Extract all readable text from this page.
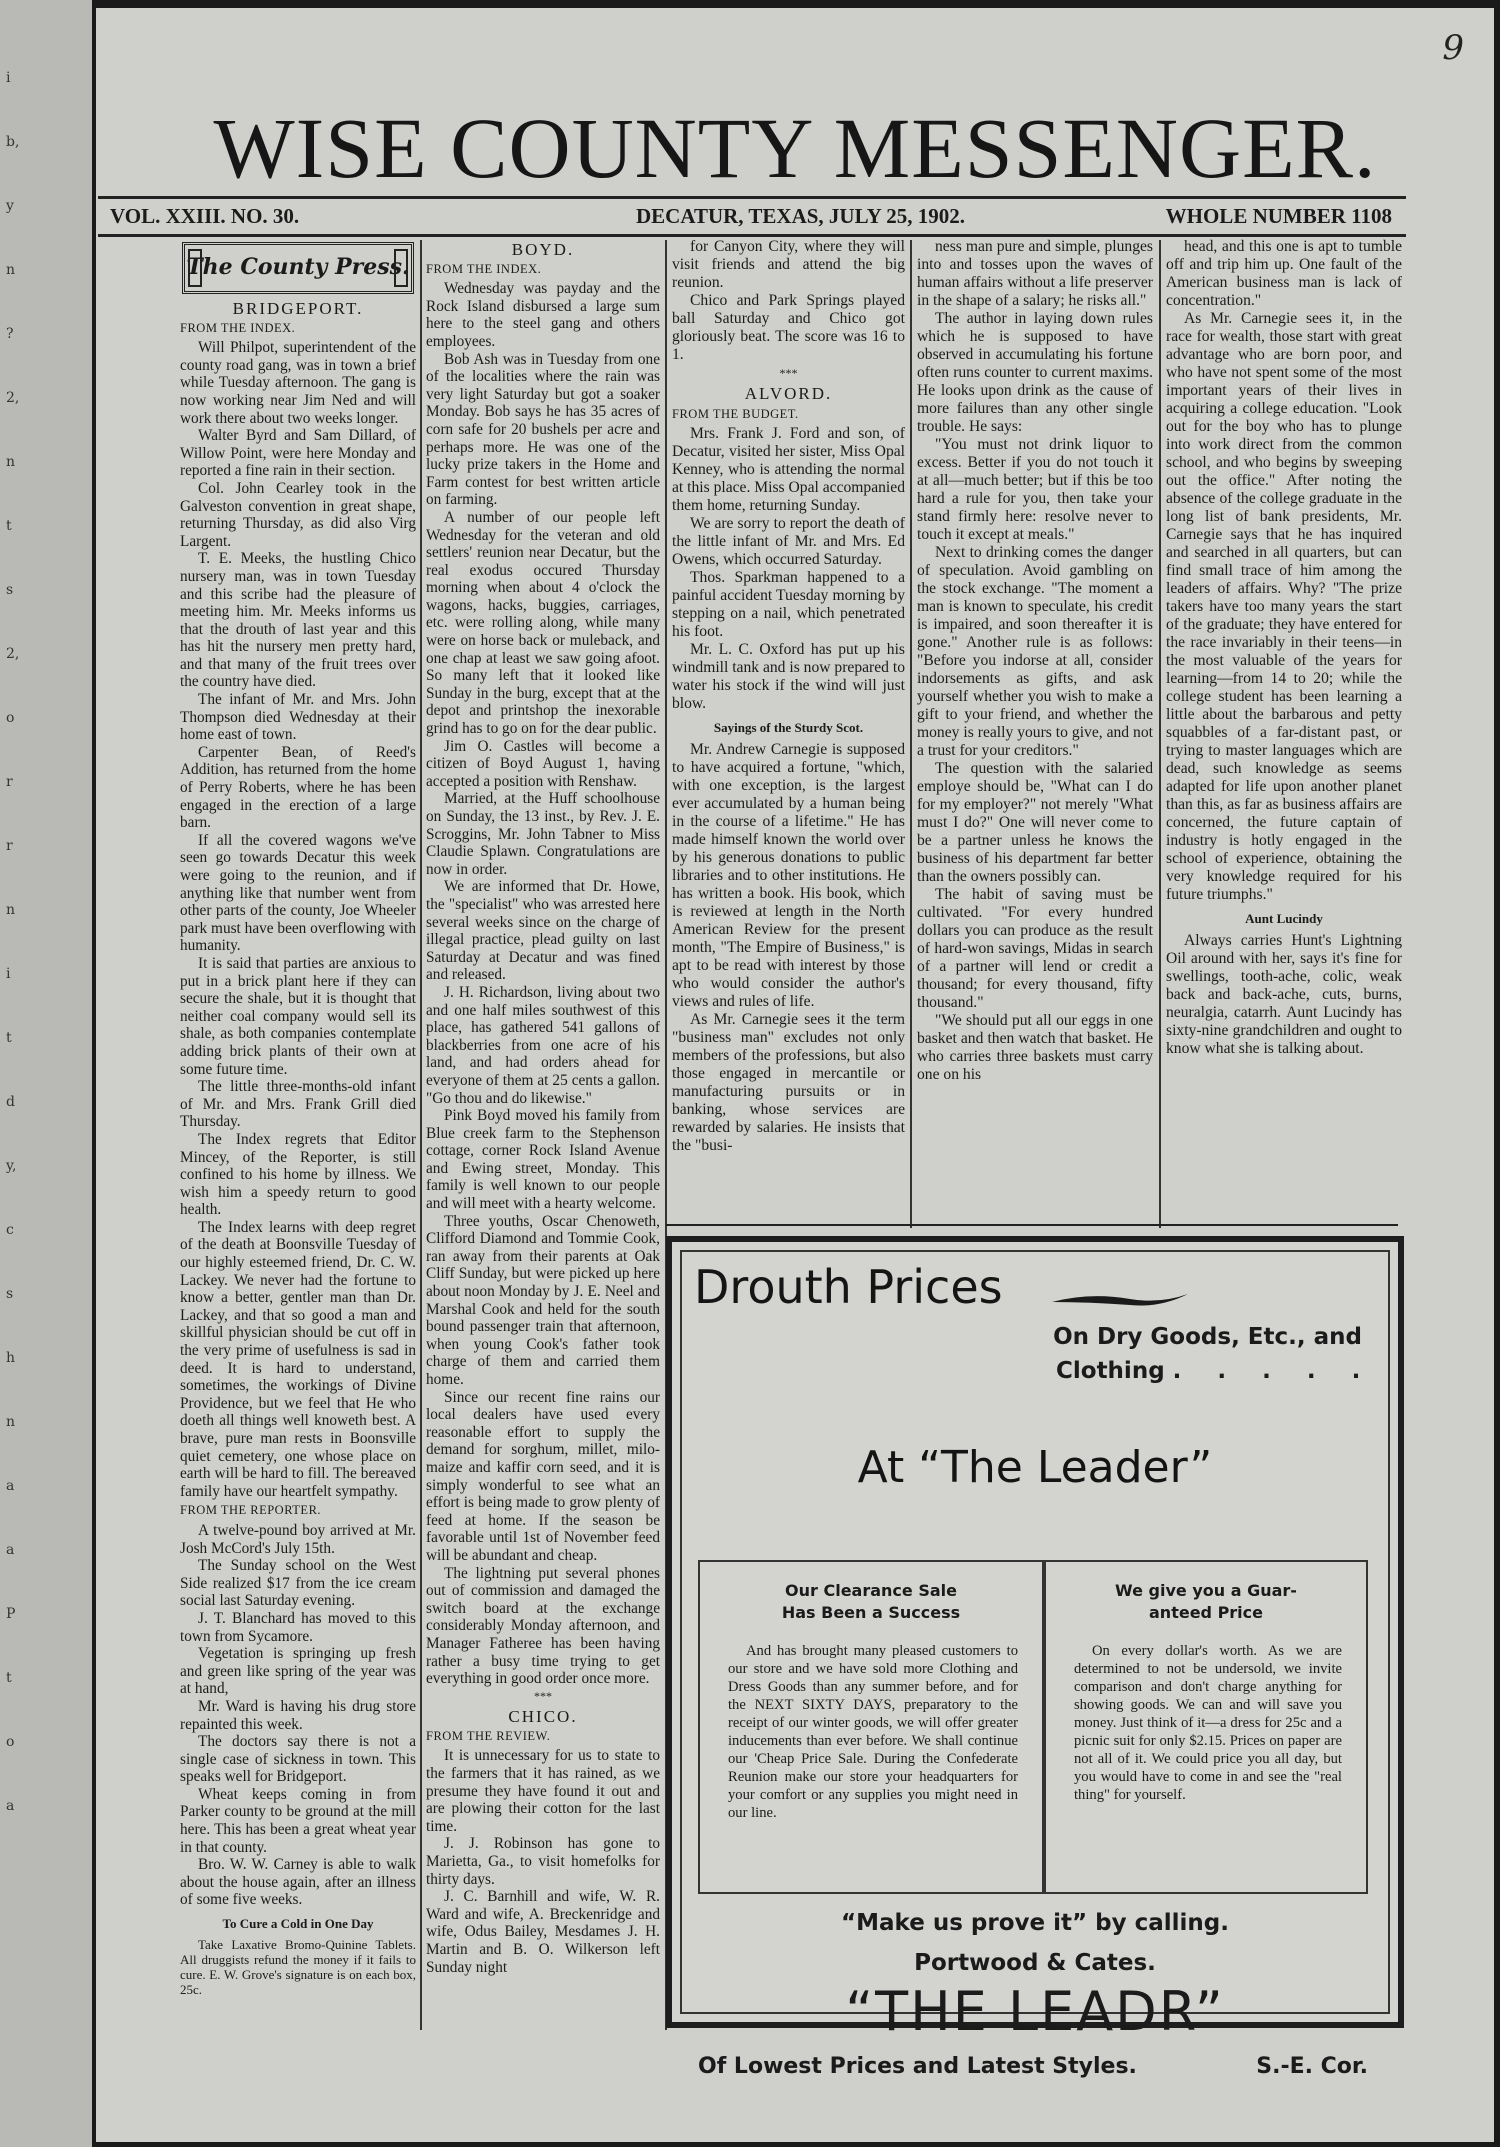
i
b,
y
n
?
2,
n
t
s
2,
o
r
r
n
i
t
d
y,
c
s
h
n
a
a
P
t
o
a
9
WISE COUNTY MESSENGER.
VOL. XXIII. NO. 30.	DECATUR, TEXAS, JULY 25, 1902.	WHOLE NUMBER 1108
The County Press.

BRIDGEPORT.

FROM THE INDEX.

Will Philpot, superintendent of the county road gang, was in town a brief while Tuesday afternoon. The gang is now working near Jim Ned and will work there about two weeks longer.

Walter Byrd and Sam Dillard, of Willow Point, were here Monday and reported a fine rain in their section.

Col. John Cearley took in the Galveston convention in great shape, returning Thursday, as did also Virg Largent.

T. E. Meeks, the hustling Chico nursery man, was in town Tuesday and this scribe had the pleasure of meeting him. Mr. Meeks informs us that the drouth of last year and this has hit the nursery men pretty hard, and that many of the fruit trees over the country have died.

The infant of Mr. and Mrs. John Thompson died Wednesday at their home east of town.

Carpenter Bean, of Reed's Addition, has returned from the home of Perry Roberts, where he has been engaged in the erection of a large barn.

If all the covered wagons we've seen go towards Decatur this week were going to the reunion, and if anything like that number went from other parts of the county, Joe Wheeler park must have been overflowing with humanity.

It is said that parties are anxious to put in a brick plant here if they can secure the shale, but it is thought that neither coal company would sell its shale, as both companies contemplate adding brick plants of their own at some future time.

The little three-months-old infant of Mr. and Mrs. Frank Grill died Thursday.

The Index regrets that Editor Mincey, of the Reporter, is still confined to his home by illness. We wish him a speedy return to good health.

The Index learns with deep regret of the death at Boonsville Tuesday of our highly esteemed friend, Dr. C. W. Lackey. We never had the fortune to know a better, gentler man than Dr. Lackey, and that so good a man and skillful physician should be cut off in the very prime of usefulness is sad in deed. It is hard to understand, sometimes, the workings of Divine Providence, but we feel that He who doeth all things well knoweth best. A brave, pure man rests in Boonsville quiet cemetery, one whose place on earth will be hard to fill. The bereaved family have our heartfelt sympathy.

FROM THE REPORTER.

A twelve-pound boy arrived at Mr. Josh McCord's July 15th.

The Sunday school on the West Side realized $17 from the ice cream social last Saturday evening.

J. T. Blanchard has moved to this town from Sycamore.

Vegetation is springing up fresh and green like spring of the year was at hand,

Mr. Ward is having his drug store repainted this week.

The doctors say there is not a single case of sickness in town. This speaks well for Bridgeport.

Wheat keeps coming in from Parker county to be ground at the mill here. This has been a great wheat year in that county.

Bro. W. W. Carney is able to walk about the house again, after an illness of some five weeks.

To Cure a Cold in One Day

Take Laxative Bromo-Quinine Tablets. All druggists refund the money if it fails to cure. E. W. Grove's signature is on each box, 25c.

BOYD.

FROM THE INDEX.

Wednesday was payday and the Rock Island disbursed a large sum here to the steel gang and others employees.

Bob Ash was in Tuesday from one of the localities where the rain was very light Saturday but got a soaker Monday. Bob says he has 35 acres of corn safe for 20 bushels per acre and perhaps more. He was one of the lucky prize takers in the Home and Farm contest for best written article on farming.

A number of our people left Wednesday for the veteran and old settlers' reunion near Decatur, but the real exodus occured Thursday morning when about 4 o'clock the wagons, hacks, buggies, carriages, etc. were rolling along, while many were on horse back or muleback, and one chap at least we saw going afoot. So many left that it looked like Sunday in the burg, except that at the depot and printshop the inexorable grind has to go on for the dear public.

Jim O. Castles will become a citizen of Boyd August 1, having accepted a position with Renshaw.

Married, at the Huff schoolhouse on Sunday, the 13 inst., by Rev. J. E. Scroggins, Mr. John Tabner to Miss Claudie Splawn. Congratulations are now in order.

We are informed that Dr. Howe, the "specialist" who was arrested here several weeks since on the charge of illegal practice, plead guilty on last Saturday at Decatur and was fined and released.

J. H. Richardson, living about two and one half miles southwest of this place, has gathered 541 gallons of blackberries from one acre of his land, and had orders ahead for everyone of them at 25 cents a gallon. "Go thou and do likewise."

Pink Boyd moved his family from Blue creek farm to the Stephenson cottage, corner Rock Island Avenue and Ewing street, Monday. This family is well known to our people and will meet with a hearty welcome.

Three youths, Oscar Chenoweth, Clifford Diamond and Tommie Cook, ran away from their parents at Oak Cliff Sunday, but were picked up here about noon Monday by J. E. Neel and Marshal Cook and held for the south bound passenger train that afternoon, when young Cook's father took charge of them and carried them home.

Since our recent fine rains our local dealers have used every reasonable effort to supply the demand for sorghum, millet, milo-maize and kaffir corn seed, and it is simply wonderful to see what an effort is being made to grow plenty of feed at home. If the season be favorable until 1st of November feed will be abundant and cheap.

The lightning put several phones out of commission and damaged the switch board at the exchange considerably Monday afternoon, and Manager Fatheree has been having rather a busy time trying to get everything in good order once more.

***

CHICO.

FROM THE REVIEW.

It is unnecessary for us to state to the farmers that it has rained, as we presume they have found it out and are plowing their cotton for the last time.

J. J. Robinson has gone to Marietta, Ga., to visit homefolks for thirty days.

J. C. Barnhill and wife, W. R. Ward and wife, A. Breckenridge and wife, Odus Bailey, Mesdames J. H. Martin and B. O. Wilkerson left Sunday night

for Canyon City, where they will visit friends and attend the big reunion.

Chico and Park Springs played ball Saturday and Chico got gloriously beat. The score was 16 to 1.

***

ALVORD.

FROM THE BUDGET.

Mrs. Frank J. Ford and son, of Decatur, visited her sister, Miss Opal Kenney, who is attending the normal at this place. Miss Opal accompanied them home, returning Sunday.

We are sorry to report the death of the little infant of Mr. and Mrs. Ed Owens, which occurred Saturday.

Thos. Sparkman happened to a painful accident Tuesday morning by stepping on a nail, which penetrated his foot.

Mr. L. C. Oxford has put up his windmill tank and is now prepared to water his stock if the wind will just blow.

Sayings of the Sturdy Scot.

Mr. Andrew Carnegie is supposed to have acquired a fortune, "which, with one exception, is the largest ever accumulated by a human being in the course of a lifetime." He has made himself known the world over by his generous donations to public libraries and to other institutions. He has written a book. His book, which is reviewed at length in the North American Review for the present month, "The Empire of Business," is apt to be read with interest by those who would consider the author's views and rules of life.

As Mr. Carnegie sees it the term "business man" excludes not only members of the professions, but also those engaged in mercantile or manufacturing pursuits or in banking, whose services are rewarded by salaries. He insists that the "busi-

ness man pure and simple, plunges into and tosses upon the waves of human affairs without a life preserver in the shape of a salary; he risks all."

The author in laying down rules which he is supposed to have observed in accumulating his fortune often runs counter to current maxims. He looks upon drink as the cause of more failures than any other single trouble. He says:

"You must not drink liquor to excess. Better if you do not touch it at all—much better; but if this be too hard a rule for you, then take your stand firmly here: resolve never to touch it except at meals."

Next to drinking comes the danger of speculation. Avoid gambling on the stock exchange. "The moment a man is known to speculate, his credit is impaired, and soon thereafter it is gone." Another rule is as follows: "Before you indorse at all, consider indorsements as gifts, and ask yourself whether you wish to make a gift to your friend, and whether the money is really yours to give, and not a trust for your creditors."

The question with the salaried employe should be, "What can I do for my employer?" not merely "What must I do?" One will never come to be a partner unless he knows the business of his department far better than the owners possibly can.

The habit of saving must be cultivated. "For every hundred dollars you can produce as the result of hard-won savings, Midas in search of a partner will lend or credit a thousand; for every thousand, fifty thousand."

"We should put all our eggs in one basket and then watch that basket. He who carries three baskets must carry one on his

head, and this one is apt to tumble off and trip him up. One fault of the American business man is lack of concentration."

As Mr. Carnegie sees it, in the race for wealth, those start with great advantage who are born poor, and who have not spent some of the most important years of their lives in acquiring a college education. "Look out for the boy who has to plunge into work direct from the common school, and who begins by sweeping out the office." After noting the absence of the college graduate in the long list of bank presidents, Mr. Carnegie says that he has inquired and searched in all quarters, but can find small trace of him among the leaders of affairs. Why? "The prize takers have too many years the start of the graduate; they have entered for the race invariably in their teens—in the most valuable of the years for learning—from 14 to 20; while the college student has been learning a little about the barbarous and petty squabbles of a far-distant past, or trying to master languages which are dead, such knowledge as seems adapted for life upon another planet than this, as far as business affairs are concerned, the future captain of industry is hotly engaged in the school of experience, obtaining the very knowledge required for his future triumphs."

Aunt Lucindy

Always carries Hunt's Lightning Oil around with her, says it's fine for swellings, tooth-ache, colic, weak back and back-ache, cuts, burns, neuralgia, catarrh. Aunt Lucindy has sixty-nine grandchildren and ought to know what she is talking about.

Drouth Prices
On Dry Goods, Etc., and
Clothing . . . . .
At “The Leader”
Our Clearance Sale
Has Been a Success
And has brought many pleased customers to our store and we have sold more Clothing and Dress Goods than any summer before, and for the NEXT SIXTY DAYS, preparatory to the receipt of our winter goods, we will offer greater inducements than ever before. We shall continue our 'Cheap Price Sale. During the Confederate Reunion make our store your headquarters for your comfort or any supplies you might need in our line.
We give you a Guar-
anteed Price
On every dollar's worth. As we are determined to not be undersold, we invite comparison and don't charge anything for showing goods. We can and will save you money. Just think of it—a dress for 25c and a picnic suit for only $2.15. Prices on paper are not all of it. We could price you all day, but you would have to come in and see the "real thing" for yourself.
“Make us prove it” by calling.
Portwood & Cates.
“THE LEADR”
Of Lowest Prices and Latest Styles.	S.-E. Cor.
